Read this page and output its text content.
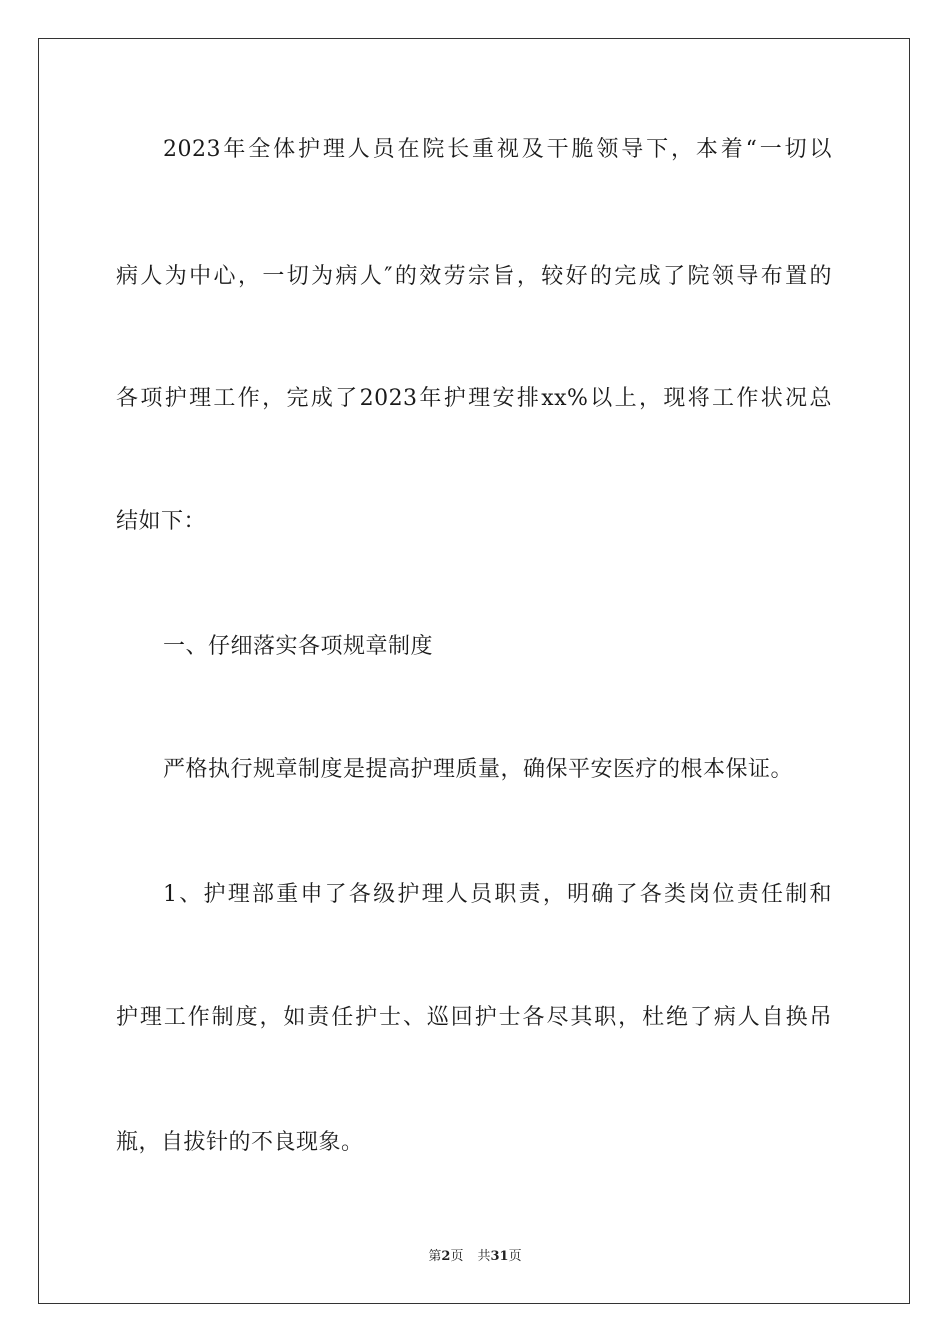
2023年全体护理人员在院长重视及干脆领导下，本着“一切以
病人为中心，一切为病人″的效劳宗旨，较好的完成了院领导布置的
各项护理工作，完成了2023年护理安排xx%以上，现将工作状况总
结如下：
一、仔细落实各项规章制度
严格执行规章制度是提高护理质量，确保平安医疗的根本保证。
1、护理部重申了各级护理人员职责，明确了各类岗位责任制和
护理工作制度，如责任护士、巡回护士各尽其职，杜绝了病人自换吊
瓶，自拔针的不良现象。
第2页 共31页
